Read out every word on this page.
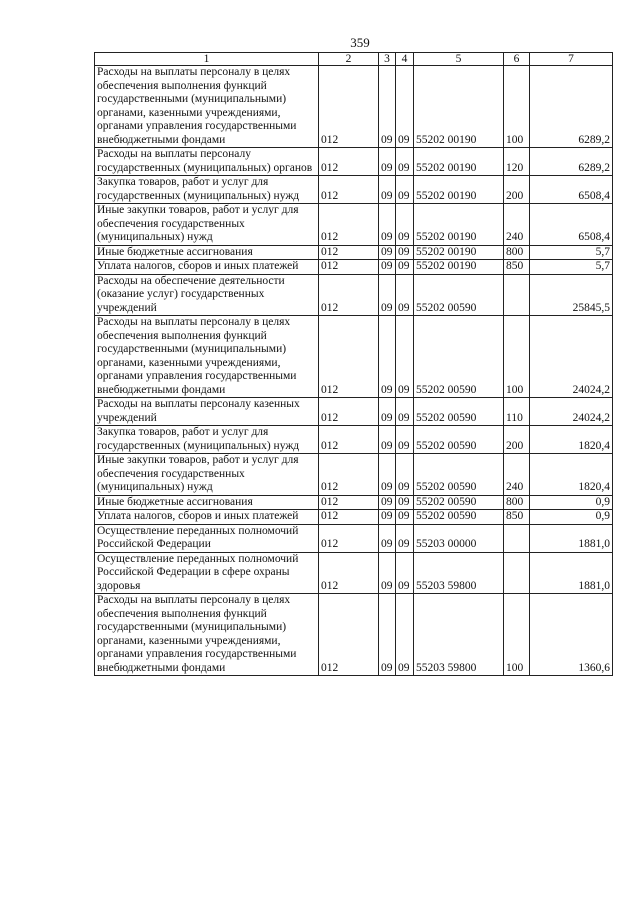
359
1	2	3	4	5	6	7
Расходы на выплаты персоналу в целях обеспечения выполнения функций государственными (муниципальными) органами, казенными учреждениями, органами управления государственными внебюджетными фондами	012	09	09	55202 00190	100	6289,2
Расходы на выплаты персоналу государственных (муниципальных) органов	012	09	09	55202 00190	120	6289,2
Закупка товаров, работ и услуг для государственных (муниципальных) нужд	012	09	09	55202 00190	200	6508,4
Иные закупки товаров, работ и услуг для обеспечения государственных (муниципальных) нужд	012	09	09	55202 00190	240	6508,4
Иные бюджетные ассигнования	012	09	09	55202 00190	800	5,7
Уплата налогов, сборов и иных платежей	012	09	09	55202 00190	850	5,7
Расходы на обеспечение деятельности (оказание услуг) государственных учреждений	012	09	09	55202 00590		25845,5
Расходы на выплаты персоналу в целях обеспечения выполнения функций государственными (муниципальными) органами, казенными учреждениями, органами управления государственными внебюджетными фондами	012	09	09	55202 00590	100	24024,2
Расходы на выплаты персоналу казенных учреждений	012	09	09	55202 00590	110	24024,2
Закупка товаров, работ и услуг для государственных (муниципальных) нужд	012	09	09	55202 00590	200	1820,4
Иные закупки товаров, работ и услуг для обеспечения государственных (муниципальных) нужд	012	09	09	55202 00590	240	1820,4
Иные бюджетные ассигнования	012	09	09	55202 00590	800	0,9
Уплата налогов, сборов и иных платежей	012	09	09	55202 00590	850	0,9
Осуществление переданных полномочий Российской Федерации	012	09	09	55203 00000		1881,0
Осуществление переданных полномочий Российской Федерации в сфере охраны здоровья	012	09	09	55203 59800		1881,0
Расходы на выплаты персоналу в целях обеспечения выполнения функций государственными (муниципальными) органами, казенными учреждениями, органами управления государственными внебюджетными фондами	012	09	09	55203 59800	100	1360,6
